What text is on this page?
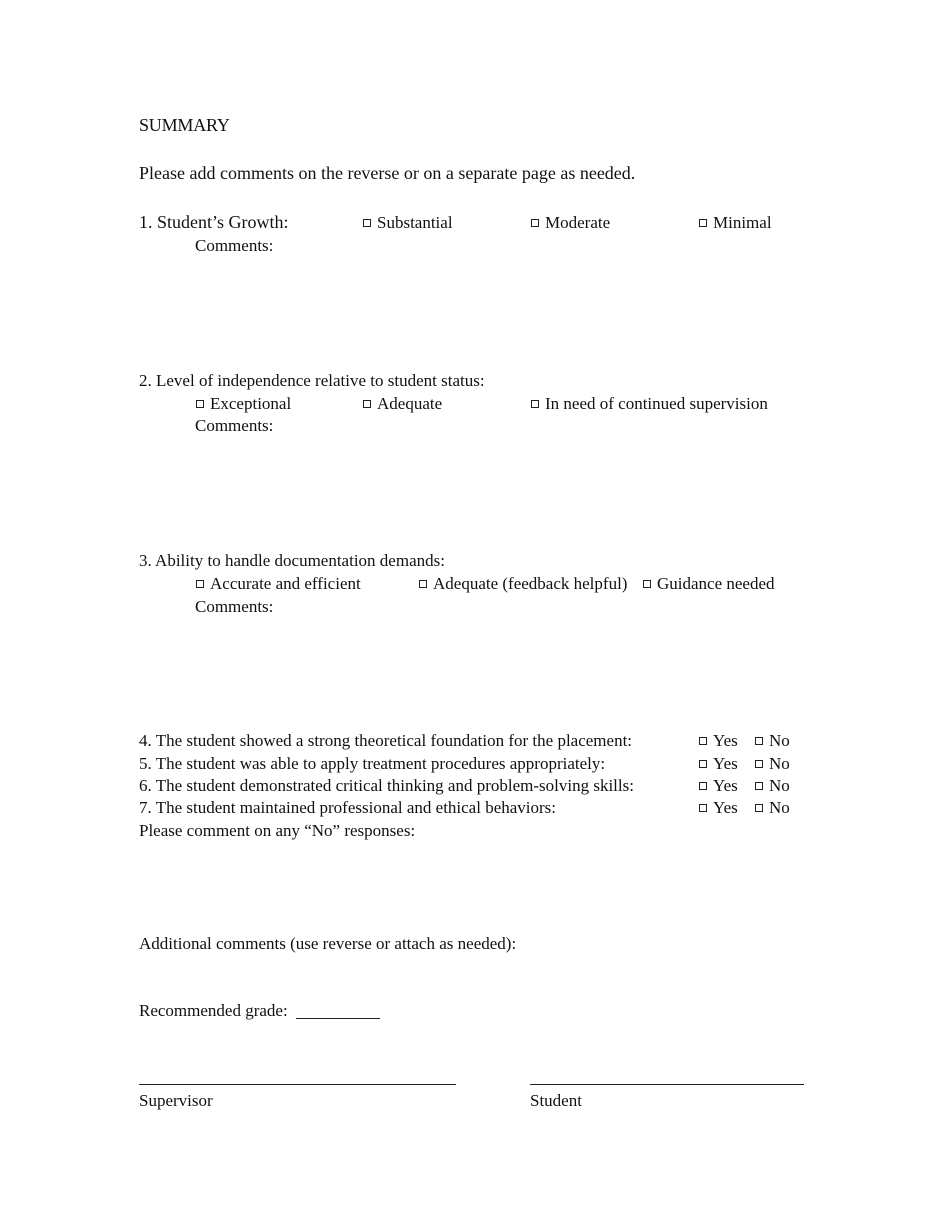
SUMMARY
Please add comments on the reverse or on a separate page as needed.
1. Student’s Growth:	Substantial	Moderate	Minimal
Comments:
2. Level of independence relative to student status:
Exceptional	Adequate	In need of continued supervision
Comments:
3. Ability to handle documentation demands:
Accurate and efficient	Adequate (feedback helpful)	Guidance needed
Comments:
4. The student showed a strong theoretical foundation for the placement:	Yes	No
5. The student was able to apply treatment procedures appropriately:	Yes	No
6. The student demonstrated critical thinking and problem-solving skills:	Yes	No
7. The student maintained professional and ethical behaviors:	Yes	No
Please comment on any “No” responses:
Additional comments (use reverse or attach as needed):
Recommended grade:
Supervisor	Student
